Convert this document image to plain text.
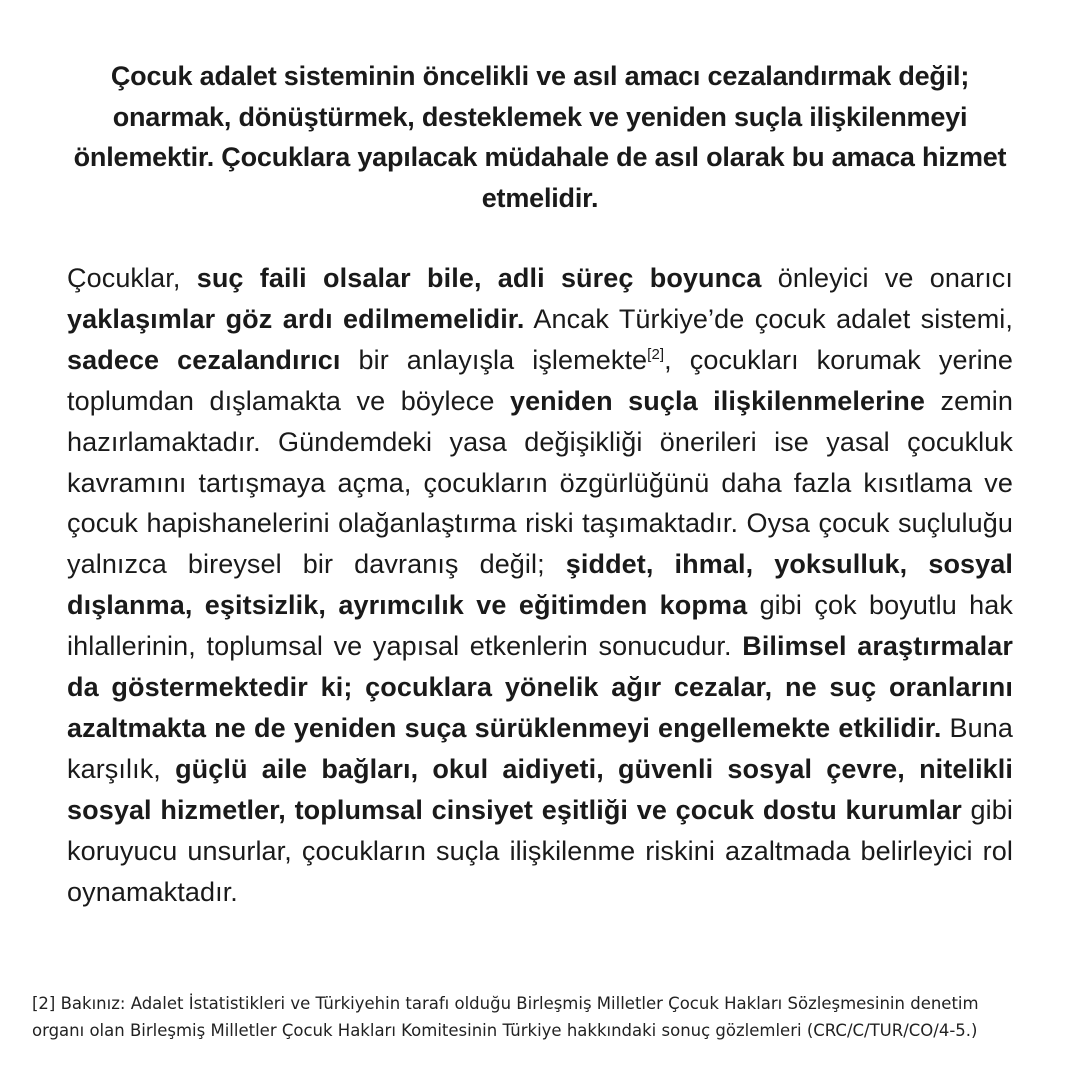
Çocuk adalet sisteminin öncelikli ve asıl amacı cezalandırmak değil; onarmak, dönüştürmek, desteklemek ve yeniden suçla ilişkilenmeyi önlemektir. Çocuklara yapılacak müdahale de asıl olarak bu amaca hizmet etmelidir.

Çocuklar, suç faili olsalar bile, adli süreç boyunca önleyici ve onarıcı yaklaşımlar göz ardı edilmemelidir. Ancak Türkiye’de çocuk adalet sistemi, sadece cezalandırıcı bir anlayışla işlemekte[2], çocukları korumak yerine toplumdan dışlamakta ve böylece yeniden suçla ilişkilenmelerine zemin hazırlamaktadır. Gündemdeki yasa değişikliği önerileri ise yasal çocukluk kavramını tartışmaya açma, çocukların özgürlüğünü daha fazla kısıtlama ve çocuk hapishanelerini olağanlaştırma riski taşımaktadır. Oysa çocuk suçluluğu yalnızca bireysel bir davranış değil; şiddet, ihmal, yoksulluk, sosyal dışlanma, eşitsizlik, ayrımcılık ve eğitimden kopma gibi çok boyutlu hak ihlallerinin, toplumsal ve yapısal etkenlerin sonucudur. Bilimsel araştırmalar da göstermektedir ki; çocuklara yönelik ağır cezalar, ne suç oranlarını azaltmakta ne de yeniden suça sürüklenmeyi engellemekte etkilidir. Buna karşılık, güçlü aile bağları, okul aidiyeti, güvenli sosyal çevre, nitelikli sosyal hizmetler, toplumsal cinsiyet eşitliği ve çocuk dostu kurumlar gibi koruyucu unsurlar, çocukların suçla ilişkilenme riskini azaltmada belirleyici rol oynamaktadır.

[2] Bakınız: Adalet İstatistikleri ve Türkiyehin tarafı olduğu Birleşmiş Milletler Çocuk Hakları Sözleşmesinin denetim
organı olan Birleşmiş Milletler Çocuk Hakları Komitesinin Türkiye hakkındaki sonuç gözlemleri (CRC/C/TUR/CO/4-5.)
